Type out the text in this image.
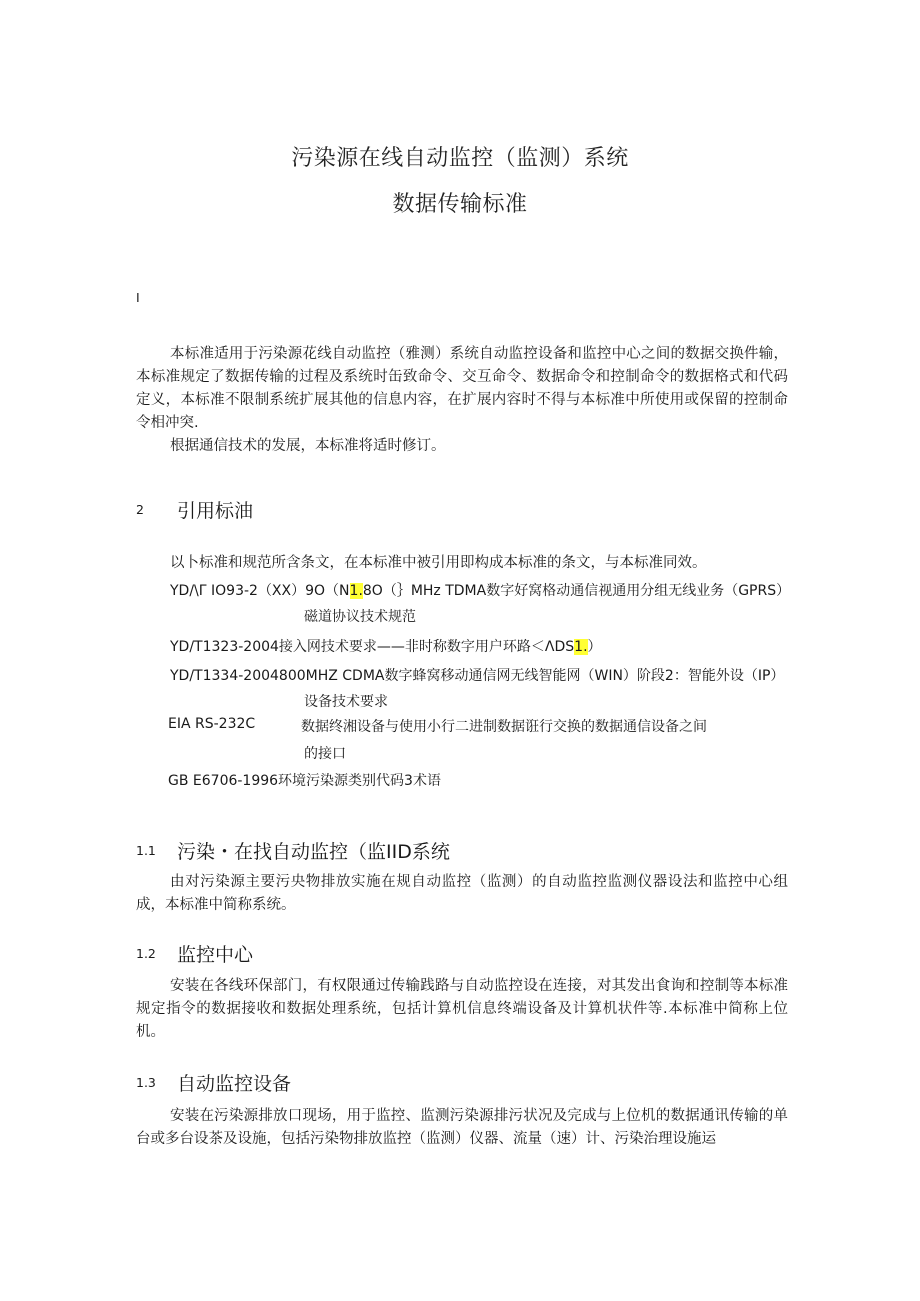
污染源在线自动监控（监测）系统
数据传输标准
I
本标准适用于污染源花线自动监控（雅测）系统自动监控设备和监控中心之间的数据交换件输，本标准规定了数据传输的过程及系统时缶致命令、交互命令、数据命令和控制命令的数据格式和代码定义，本标准不限制系统扩展其他的信息内容，在扩展内容时不得与本标准中所使用或保留的控制命令相冲突.
根据通信技术的发展，本标准将适时修订。
2 引用标油
以卜标准和规范所含条文，在本标准中被引用即构成本标准的条文，与本标准同效。
YD/\Γ IO93-2（XX）9O（N1.8O（｝MHz TDMA数字好窝格动通信视通用分组无线业务（GPRS）
磁道协议技术规范
YD/T1323-2004接入网技术要求——非时称数字用户环路＜ΛDS1.）
YD/T1334-2004800MHZ CDMA数字蜂窝移动通信网无线智能网（WIN）阶段2：智能外设（IP）
设备技术要求
EIA RS-232C	数据终湘设备与使用小行二进制数据诳行交换的数据通信设备之间
的接口
GB E6706-1996环境污染源类别代码3术语
1.1 污染・在找自动监控（监IID系统
由对污染源主要污央物排放实施在规自动监控（监测）的自动监控监测仪器设法和监控中心组成，本标准中简称系统。
1.2 监控中心
安装在各线环保部门，有权限通过传输践路与自动监控设在连接，对其发出食询和控制等本标准规定指令的数据接收和数据处理系统，包括计算机信息终端设备及计算机状件等.本标准中简称上位机。
1.3 自动监控设备
安装在污染源排放口现场，用于监控、监测污染源排污状况及完成与上位机的数据通讯传输的单台或多台设茶及设施，包括污染物排放监控（监测）仪器、流量（速）计、污染治理设施运
